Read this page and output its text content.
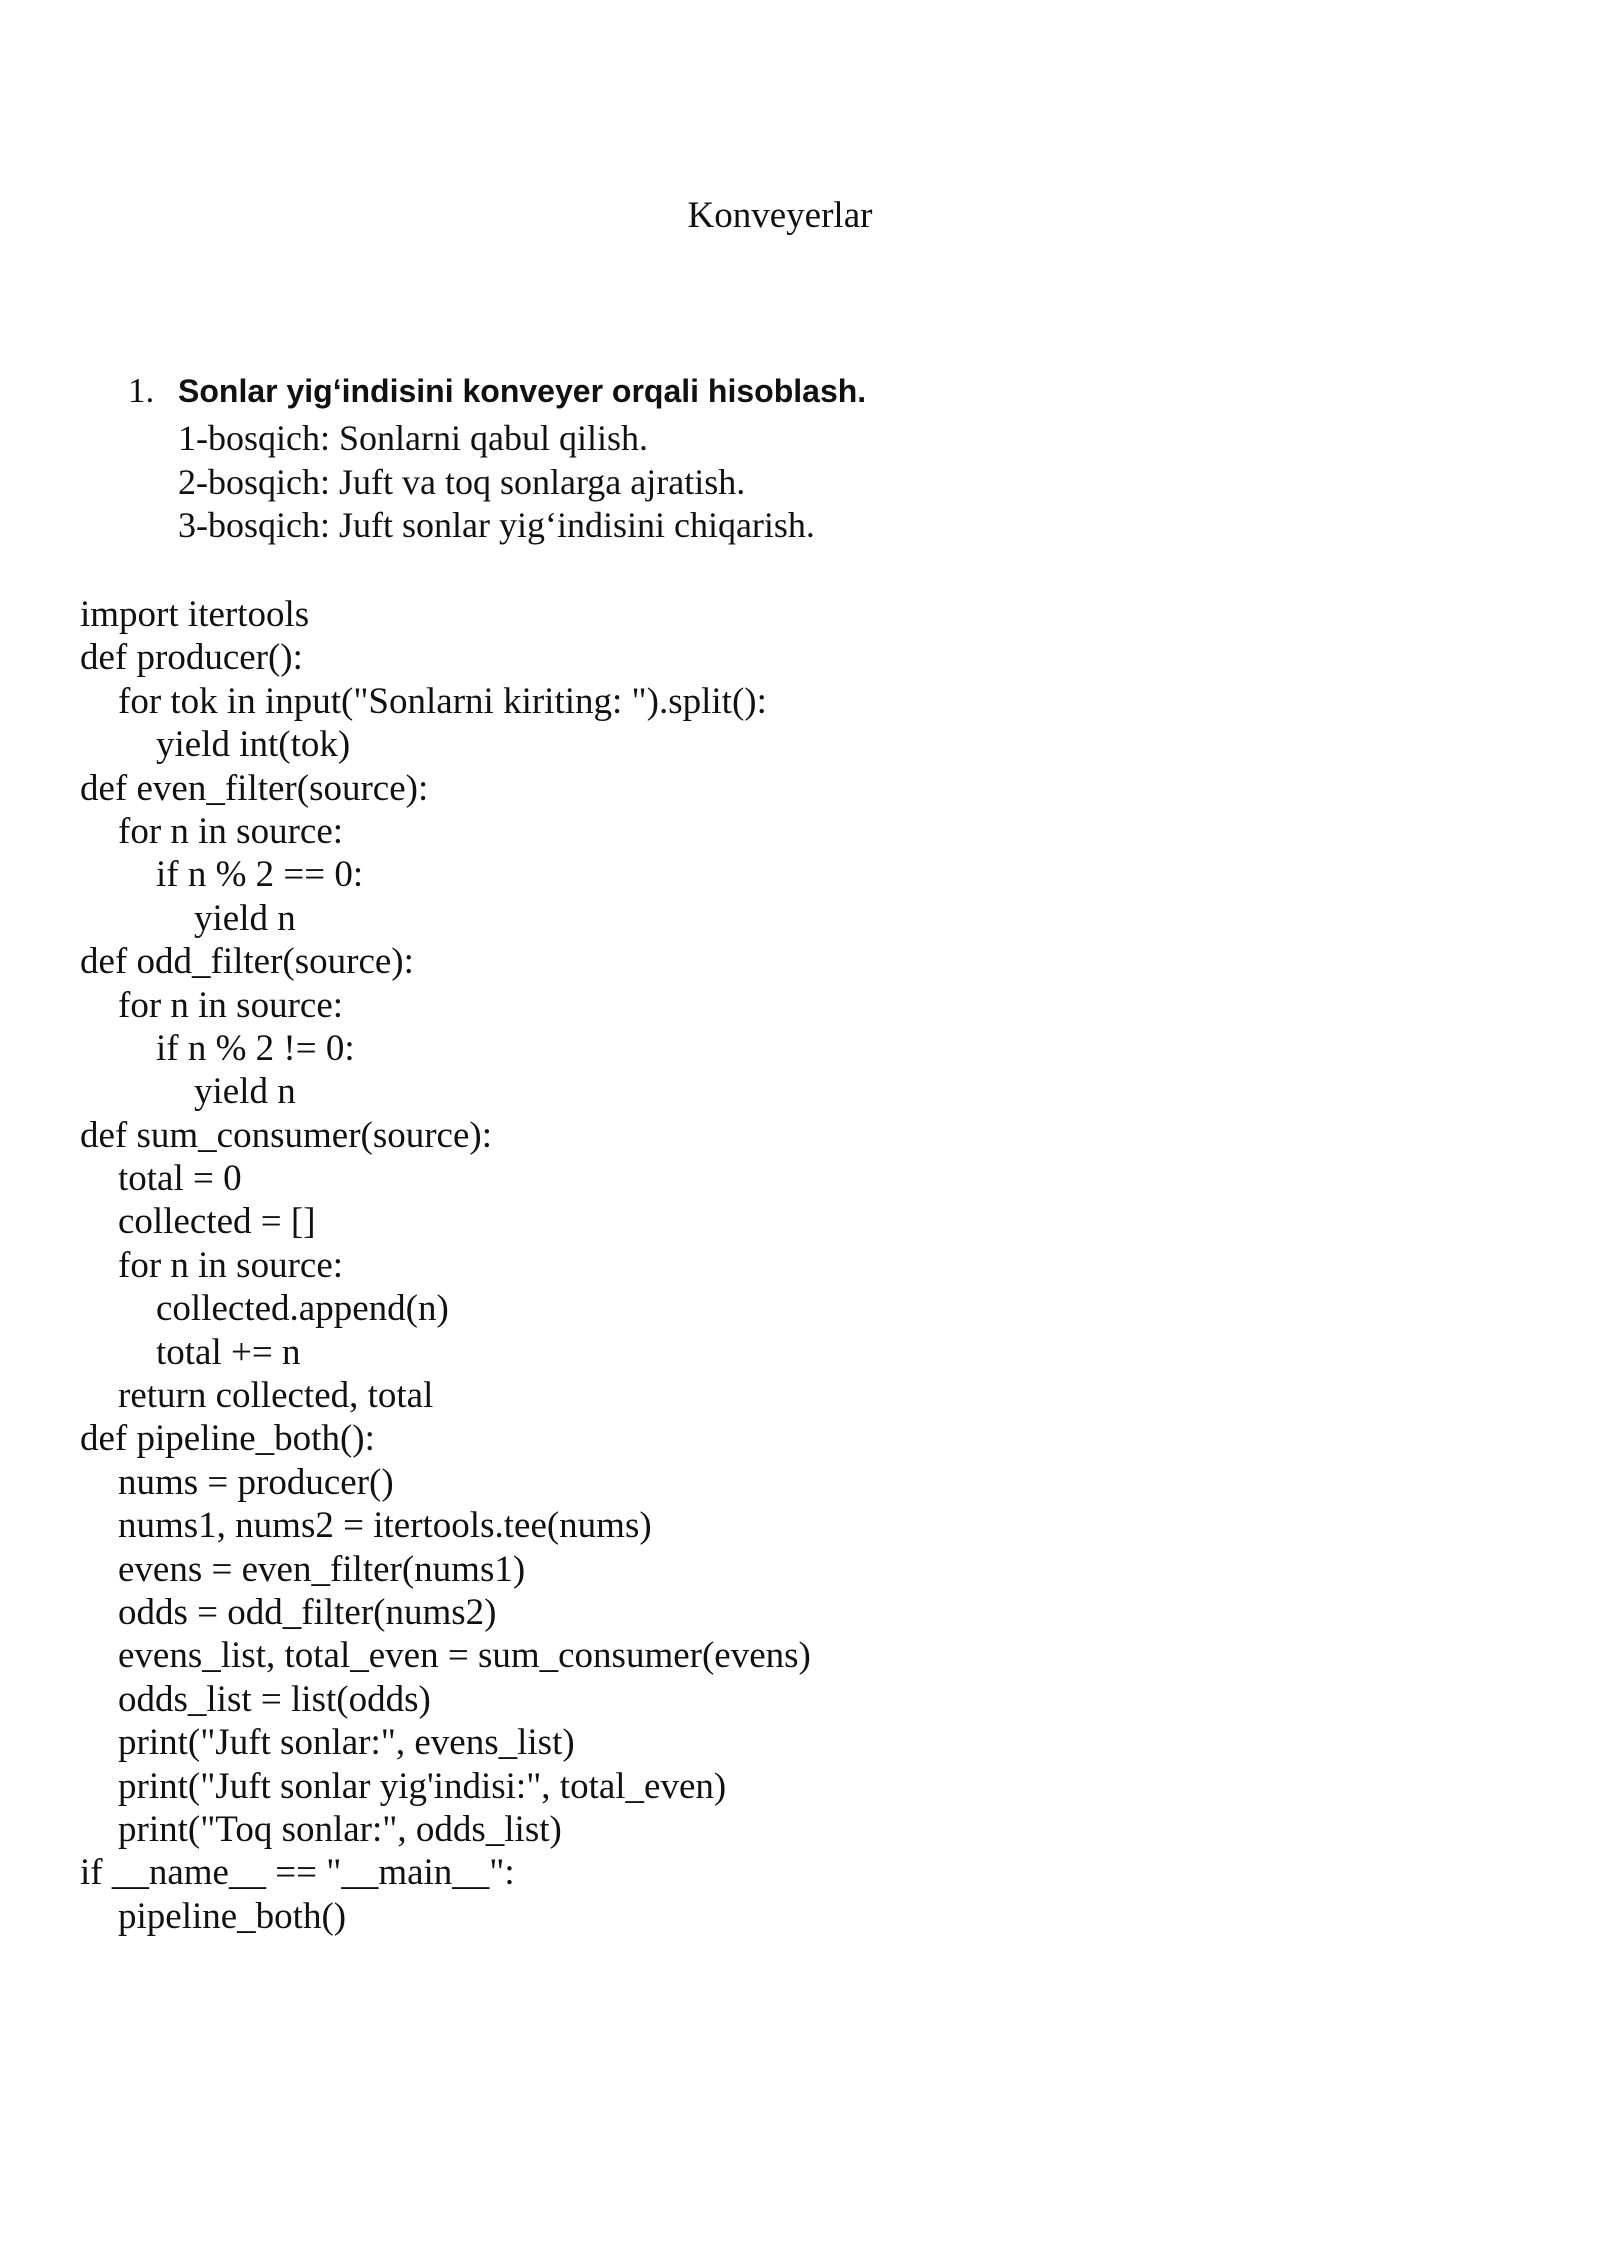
Konveyerlar
1. Sonlar yig‘indisini konveyer orqali hisoblash.
1-bosqich: Sonlarni qabul qilish.
2-bosqich: Juft va toq sonlarga ajratish.
3-bosqich: Juft sonlar yig‘indisini chiqarish.
import itertools
def producer():
for tok in input("Sonlarni kiriting: ").split():
yield int(tok)
def even_filter(source):
for n in source:
if n % 2 == 0:
yield n
def odd_filter(source):
for n in source:
if n % 2 != 0:
yield n
def sum_consumer(source):
total = 0
collected = []
for n in source:
collected.append(n)
total += n
return collected, total
def pipeline_both():
nums = producer()
nums1, nums2 = itertools.tee(nums)
evens = even_filter(nums1)
odds = odd_filter(nums2)
evens_list, total_even = sum_consumer(evens)
odds_list = list(odds)
print("Juft sonlar:", evens_list)
print("Juft sonlar yig'indisi:", total_even)
print("Toq sonlar:", odds_list)
if __name__ == "__main__":
pipeline_both()
